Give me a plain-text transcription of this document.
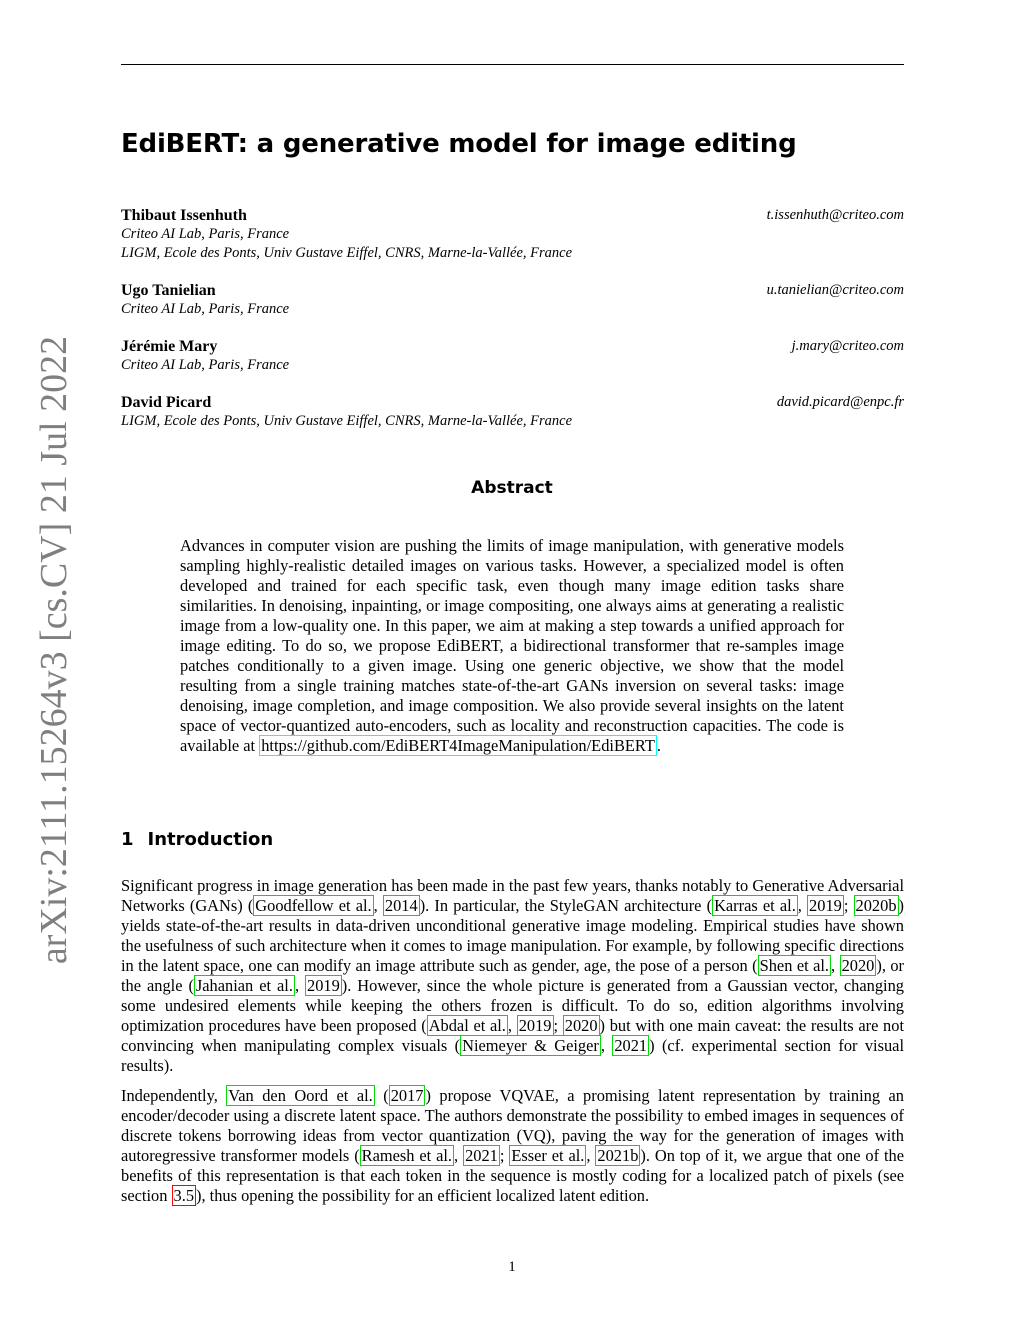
arXiv:2111.15264v3 [cs.CV] 21 Jul 2022
EdiBERT: a generative model for image editing
Thibaut Issenhuth	t.issenhuth@criteo.com
Criteo AI Lab, Paris, France
LIGM, Ecole des Ponts, Univ Gustave Eiffel, CNRS, Marne-la-Vallée, France
Ugo Tanielian	u.tanielian@criteo.com
Criteo AI Lab, Paris, France
Jérémie Mary	j.mary@criteo.com
Criteo AI Lab, Paris, France
David Picard	david.picard@enpc.fr
LIGM, Ecole des Ponts, Univ Gustave Eiffel, CNRS, Marne-la-Vallée, France
Abstract
Advances in computer vision are pushing the limits of image manipulation, with generative models sampling highly-realistic detailed images on various tasks. However, a specialized model is often developed and trained for each specific task, even though many image edition tasks share similarities. In denoising, inpainting, or image compositing, one always aims at generating a realistic image from a low-quality one. In this paper, we aim at making a step towards a unified approach for image editing. To do so, we propose EdiBERT, a bidirectional transformer that re-samples image patches conditionally to a given image. Using one generic objective, we show that the model resulting from a single training matches state-of-the-art GANs inversion on several tasks: image denoising, image completion, and image composition. We also provide several insights on the latent space of vector-quantized auto-encoders, such as locality and reconstruction capacities. The code is available at https://github.com/EdiBERT4ImageManipulation/EdiBERT .
1 Introduction
Significant progress in image generation has been made in the past few years, thanks notably to Generative Adversarial Networks (GANs) ( Goodfellow et al. , 2014 ). In particular, the StyleGAN architecture ( Karras et al. , 2019 ; 2020b ) yields state-of-the-art results in data-driven unconditional generative image modeling. Empirical studies have shown the usefulness of such architecture when it comes to image manipulation. For example, by following specific directions in the latent space, one can modify an image attribute such as gender, age, the pose of a person ( Shen et al. , 2020 ), or the angle ( Jahanian et al. , 2019 ). However, since the whole picture is generated from a Gaussian vector, changing some undesired elements while keeping the others frozen is difficult. To do so, edition algorithms involving optimization procedures have been proposed ( Abdal et al. , 2019 ; 2020 ) but with one main caveat: the results are not convincing when manipulating complex visuals ( Niemeyer & Geiger , 2021 ) (cf. experimental section for visual results).
Independently, Van den Oord et al. ( 2017 ) propose VQVAE, a promising latent representation by training an encoder/decoder using a discrete latent space. The authors demonstrate the possibility to embed images in sequences of discrete tokens borrowing ideas from vector quantization (VQ), paving the way for the generation of images with autoregressive transformer models ( Ramesh et al. , 2021 ; Esser et al. , 2021b ). On top of it, we argue that one of the benefits of this representation is that each token in the sequence is mostly coding for a localized patch of pixels (see section 3.5 ), thus opening the possibility for an efficient localized latent edition.
1
